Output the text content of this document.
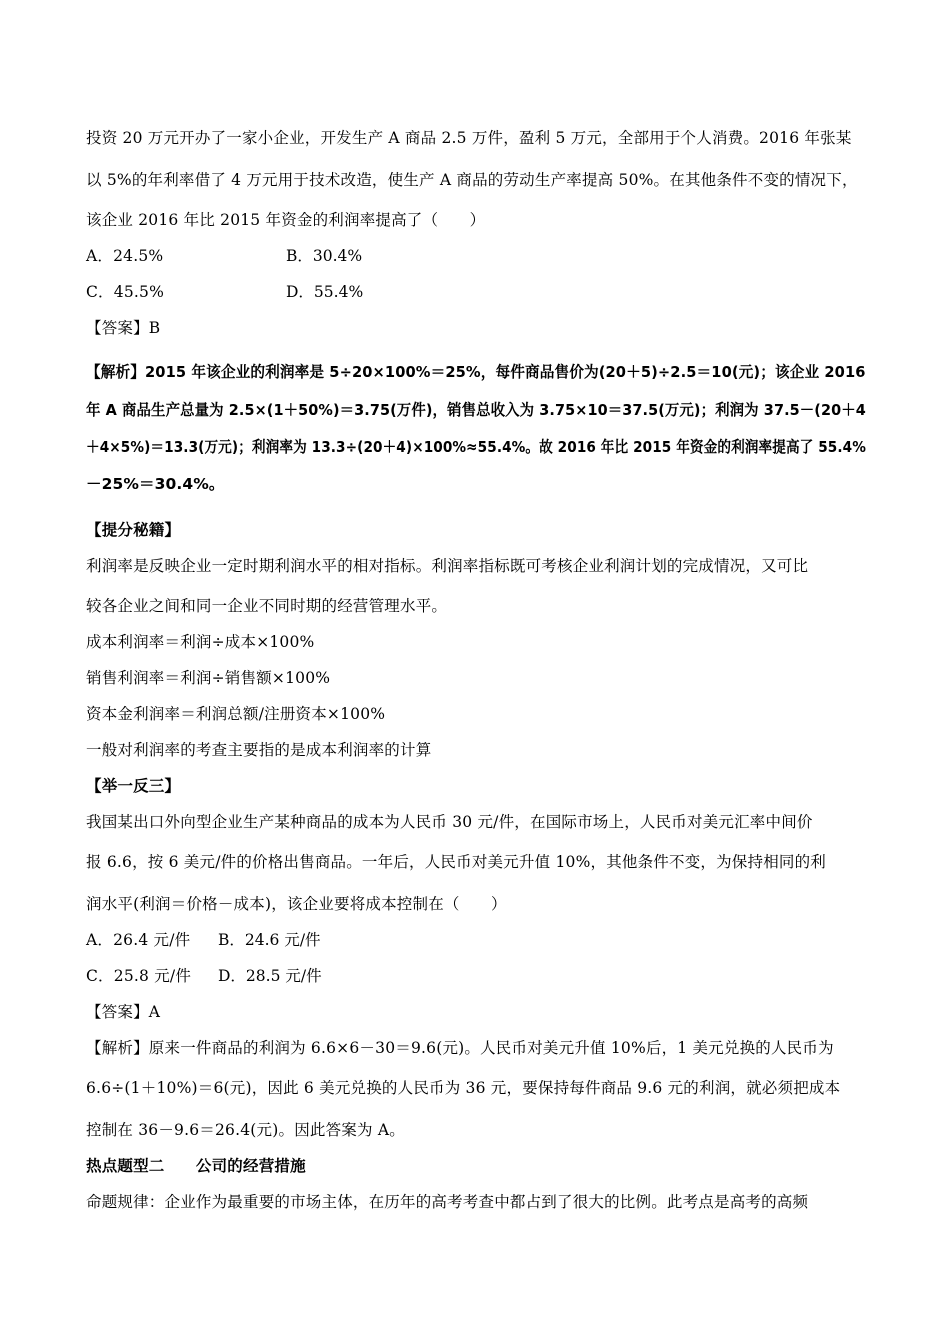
投资 20 万元开办了一家小企业，开发生产 A 商品 2.5 万件，盈利 5 万元，全部用于个人消费。2016 年张某
以 5%的年利率借了 4 万元用于技术改造，使生产 A 商品的劳动生产率提高 50%。在其他条件不变的情况下，
该企业 2016 年比 2015 年资金的利润率提高了（　　）
A．24.5%	B．30.4%
C．45.5%	D．55.4%
【答案】B
【解析】2015 年该企业的利润率是 5÷20×100%＝25%，每件商品售价为(20＋5)÷2.5＝10(元)；该企业 2016
年 A 商品生产总量为 2.5×(1＋50%)＝3.75(万件)，销售总收入为 3.75×10＝37.5(万元)；利润为 37.5－(20＋4
＋4×5%)＝13.3(万元)；利润率为 13.3÷(20＋4)×100%≈55.4%。故 2016 年比 2015 年资金的利润率提高了 55.4%
－25%＝30.4%。
【提分秘籍】
利润率是反映企业一定时期利润水平的相对指标。利润率指标既可考核企业利润计划的完成情况，又可比
较各企业之间和同一企业不同时期的经营管理水平。
成本利润率＝利润÷成本×100%
销售利润率＝利润÷销售额×100%
资本金利润率＝利润总额/注册资本×100%
一般对利润率的考查主要指的是成本利润率的计算
【举一反三】
我国某出口外向型企业生产某种商品的成本为人民币 30 元/件，在国际市场上，人民币对美元汇率中间价
报 6.6，按 6 美元/件的价格出售商品。一年后，人民币对美元升值 10%，其他条件不变，为保持相同的利
润水平(利润＝价格－成本)，该企业要将成本控制在（　　）
A．26.4 元/件 B．24.6 元/件
C．25.8 元/件 D．28.5 元/件
【答案】A
【解析】原来一件商品的利润为 6.6×6－30＝9.6(元)。人民币对美元升值 10%后，1 美元兑换的人民币为
6.6÷(1＋10%)＝6(元)，因此 6 美元兑换的人民币为 36 元，要保持每件商品 9.6 元的利润，就必须把成本
控制在 36－9.6＝26.4(元)。因此答案为 A。
热点题型二　　公司的经营措施
命题规律：企业作为最重要的市场主体，在历年的高考考查中都占到了很大的比例。此考点是高考的高频
